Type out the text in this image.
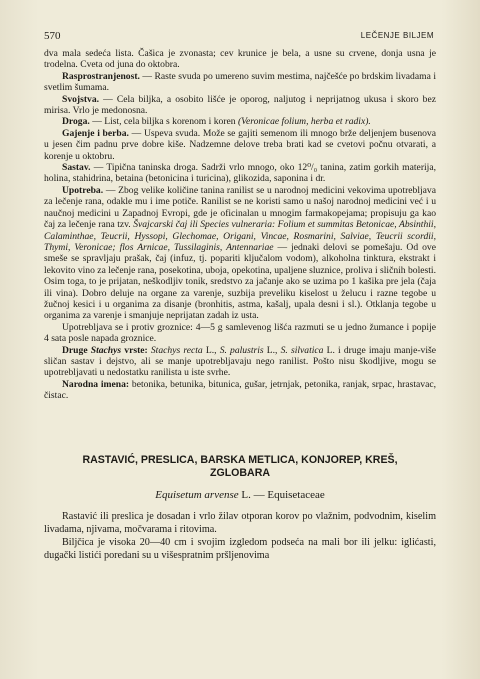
570	LEČENJE BILJEM

dva mala sedeća lista. Čašica je zvonasta; cev krunice je bela, a usne su crvene, donja usna je trodelna. Cveta od juna do oktobra.

Rasprostranjenost. — Raste svuda po umereno suvim mestima, najčešće po brdskim livadama i svetlim šumama.

Svojstva. — Cela biljka, a osobito lišće je oporog, naljutog i neprijatnog ukusa i skoro bez mirisa. Vrlo je medonosna.

Droga. — List, cela biljka s korenom i koren (Veronicae folium, herba et radix).

Gajenje i berba. — Uspeva svuda. Može se gajiti semenom ili mnogo brže deljenjem busenova u jesen čim padnu prve dobre kiše. Nadzemne delove treba brati kad se cvetovi počnu otvarati, a korenje u oktobru.

Sastav. — Tipična taninska droga. Sadrži vrlo mnogo, oko 12⁰/₀ tanina, zatim gorkih materija, holina, stahidrina, betaina (betonicina i turicina), glikozida, saponina i dr.

Upotreba. — Zbog velike količine tanina ranilist se u narodnoj medicini vekovima upotrebljava za lečenje rana, odakle mu i ime potiče. Ranilist se ne koristi samo u našoj narodnoj medicini već i u naučnoj medicini u Zapadnoj Evropi, gde je oficinalan u mnogim farmakopejama; propisuju ga kao čaj za lečenje rana tzv. Švajcarski čaj ili Species vulneraria: Folium et summitas Betonicae, Absinthii, Calaminthae, Teucrii, Hyssopi, Glechomae, Origani, Vincae, Rosmarini, Salviae, Teucrii scordii, Thymi, Veronicae; flos Arnicae, Tussilaginis, Antennariae — jednaki delovi se pomešaju. Od ove smeše se spravljaju prašak, čaj (infuz, tj. popariti ključalom vodom), alkoholna tinktura, ekstrakt i lekovito vino za lečenje rana, posekotina, uboja, opekotina, upaljene sluznice, proliva i sličnih bolesti. Osim toga, to je prijatan, neškodljiv tonik, sredstvo za jačanje ako se uzima po 1 kašika pre jela (čaja ili vina). Dobro deluje na organe za varenje, suzbija preveliku kiselost u želucu i razne tegobe u žučnoj kesici i u organima za disanje (bronhitis, astma, kašalj, upala desni i sl.). Otklanja tegobe u organima za varenje i smanjuje neprijatan zadah iz usta.

Upotrebljava se i protiv groznice: 4—5 g samlevenog lišća razmuti se u jedno žumance i popije 4 sata posle napada groznice.

Druge Stachys vrste: Stachys recta L., S. palustris L., S. silvatica L. i druge imaju manje-više sličan sastav i dejstvo, ali se manje upotrebljavaju nego ranilist. Pošto nisu škodljive, mogu se upotrebljavati u nedostatku ranilista u iste svrhe.

Narodna imena: betonika, betunika, bitunica, gušar, jetrnjak, petonika, ranjak, srpac, hrastavac, čistac.

RASTAVIĆ, PRESLICA, BARSKA METLICA, KONJOREP, KREŠ,
ZGLOBARA
Equisetum arvense L. — Equisetaceae

Rastavić ili preslica je dosadan i vrlo žilav otporan korov po vlažnim, podvodnim, kiselim livadama, njivama, močvarama i ritovima.

Biljčica je visoka 20—40 cm i svojim izgledom podseća na mali bor ili jelku: iglićasti, dugački listići poredani su u višespratnim pršljenovima
